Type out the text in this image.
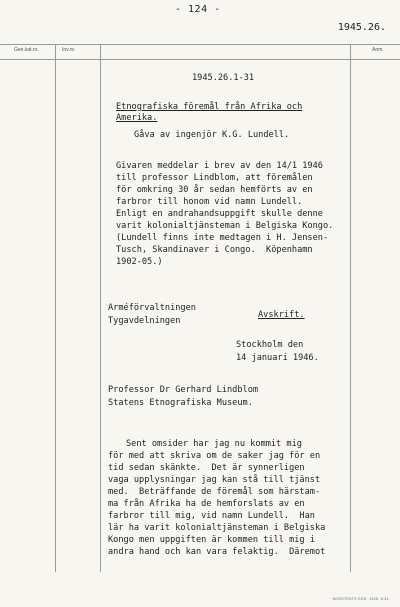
- 124 -
1945.26.
Gen.kat.nr.	Inv.nr.	Anm.
1945.26.1-31
Etnografiska föremål från Afrika och
Amerika.
Gåva av ingenjör K.G. Lundell.
Givaren meddelar i brev av den 14/1 1946
till professor Lindblom, att föremålen
för omkring 30 år sedan hemförts av en
farbror till honom vid namn Lundell.
Enligt en andrahandsuppgift skulle denne
varit kolonialtjänsteman i Belgiska Kongo.
(Lundell finns inte medtagen i H. Jensen-
Tusch, Skandinaver i Congo.  Köpenhamn
1902-05.)
Arméförvaltningen
Tygavdelningen
Avskrift.
Stockholm den
14 januari 1946.
Professor Dr Gerhard Lindblom
Statens Etnografiska Museum.
Sent omsider har jag nu kommit mig
för med att skriva om de saker jag för en
tid sedan skänkte.  Det är synnerligen
vaga upplysningar jag kan stå till tjänst
med.  Beträffande de föremål som härstam-
ma från Afrika ha de hemforslats av en
farbror till mig, vid namn Lundell.  Han
lär ha varit kolonialtjänsteman i Belgiska
Kongo men uppgiften är kommen till mig i
andra hand och kan vara felaktig.  Däremot
NORSTEDTS SÖD. 1945. 8.44.
